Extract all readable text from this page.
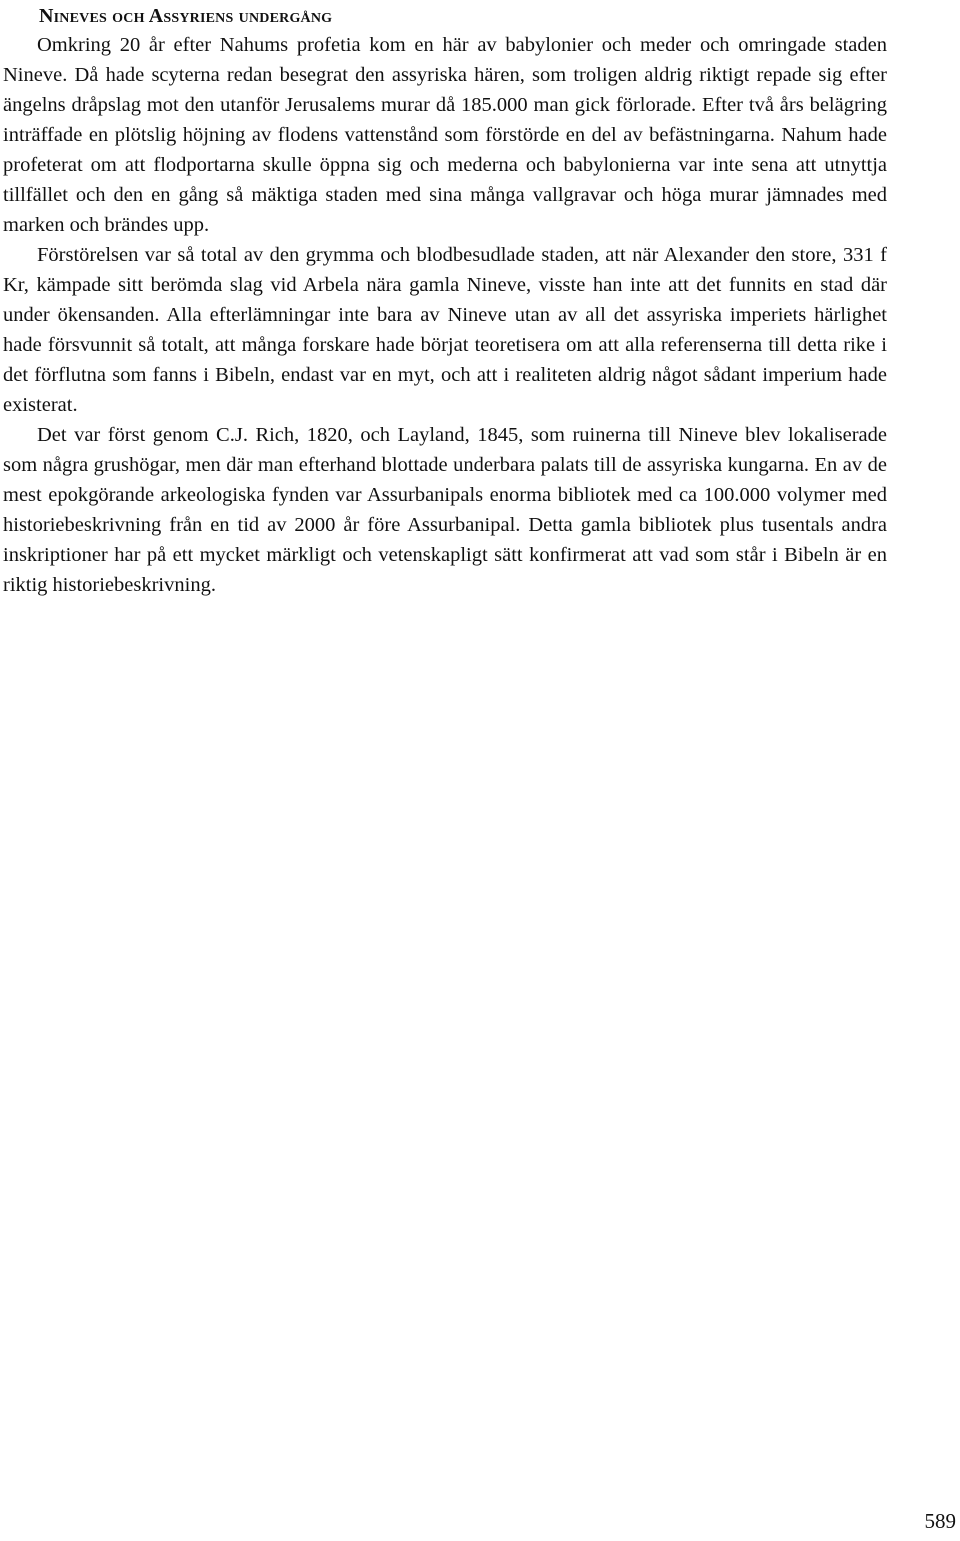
Nineves och Assyriens undergång

Omkring 20 år efter Nahums profetia kom en här av babylonier och meder och omringade staden Nineve. Då hade scyterna redan besegrat den assyriska hären, som troligen aldrig riktigt repade sig efter ängelns dråpslag mot den utanför Jerusalems murar då 185.000 man gick förlorade. Efter två års belägring inträffade en plötslig höjning av flodens vattenstånd som förstörde en del av befästningarna. Nahum hade profeterat om att flodportarna skulle öppna sig och mederna och babylonierna var inte sena att utnyttja tillfället och den en gång så mäktiga staden med sina många vallgravar och höga murar jämnades med marken och brändes upp.

Förstörelsen var så total av den grymma och blodbesudlade staden, att när Alexander den store, 331 f Kr, kämpade sitt berömda slag vid Arbela nära gamla Nineve, visste han inte att det funnits en stad där under ökensanden. Alla efterlämningar inte bara av Nineve utan av all det assyriska imperiets härlighet hade försvunnit så totalt, att många forskare hade börjat teoretisera om att alla referenserna till detta rike i det förflutna som fanns i Bibeln, endast var en myt, och att i realiteten aldrig något sådant imperium hade existerat.

Det var först genom C.J. Rich, 1820, och Layland, 1845, som ruinerna till Nineve blev lokaliserade som några grushögar, men där man efterhand blottade underbara palats till de assyriska kungarna. En av de mest epokgörande arkeologiska fynden var Assurbanipals enorma bibliotek med ca 100.000 volymer med historiebeskrivning från en tid av 2000 år före Assurbanipal. Detta gamla bibliotek plus tusentals andra inskriptioner har på ett mycket märkligt och vetenskapligt sätt konfirmerat att vad som står i Bibeln är en riktig historiebeskrivning.

589
